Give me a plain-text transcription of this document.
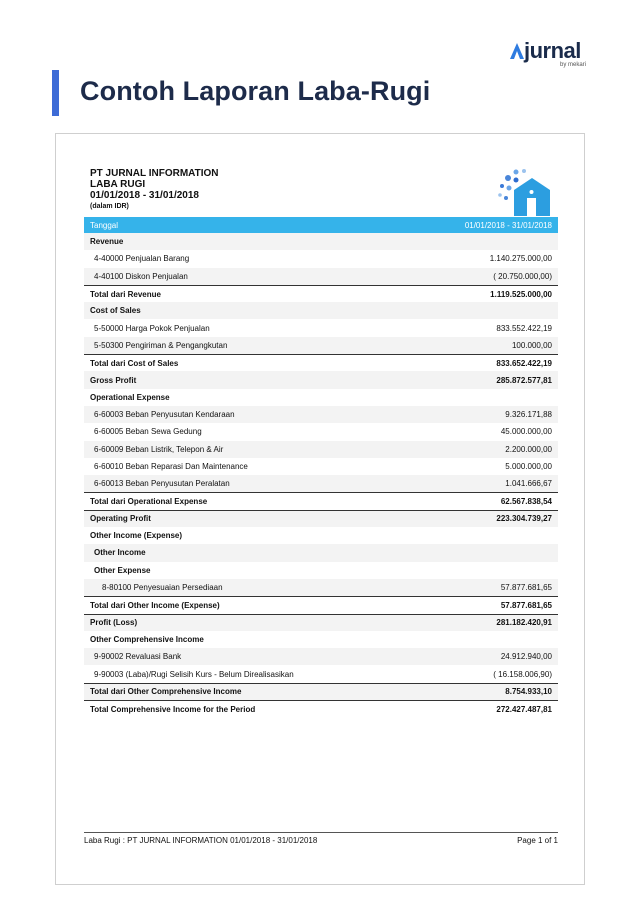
jurnal
by mekari
Contoh Laporan Laba-Rugi
PT JURNAL INFORMATION
LABA RUGI
01/01/2018 - 31/01/2018
(dalam IDR)
Tanggal	01/01/2018 - 31/01/2018
Revenue
4-40000 Penjualan Barang	1.140.275.000,00
4-40100 Diskon Penjualan	( 20.750.000,00)
Total dari Revenue	1.119.525.000,00
Cost of Sales
5-50000 Harga Pokok Penjualan	833.552.422,19
5-50300 Pengiriman & Pengangkutan	100.000,00
Total dari Cost of Sales	833.652.422,19
Gross Profit	285.872.577,81
Operational Expense
6-60003 Beban Penyusutan Kendaraan	9.326.171,88
6-60005 Beban Sewa Gedung	45.000.000,00
6-60009 Beban Listrik, Telepon & Air	2.200.000,00
6-60010 Beban Reparasi Dan Maintenance	5.000.000,00
6-60013 Beban Penyusutan Peralatan	1.041.666,67
Total dari Operational Expense	62.567.838,54
Operating Profit	223.304.739,27
Other Income (Expense)
Other Income
Other Expense
8-80100 Penyesuaian Persediaan	57.877.681,65
Total dari Other Income (Expense)	57.877.681,65
Profit (Loss)	281.182.420,91
Other Comprehensive Income
9-90002 Revaluasi Bank	24.912.940,00
9-90003 (Laba)/Rugi Selisih Kurs - Belum Direalisasikan	( 16.158.006,90)
Total dari Other Comprehensive Income	8.754.933,10
Total Comprehensive Income for the Period	272.427.487,81
Laba Rugi : PT JURNAL INFORMATION 01/01/2018 - 31/01/2018	Page 1 of 1
